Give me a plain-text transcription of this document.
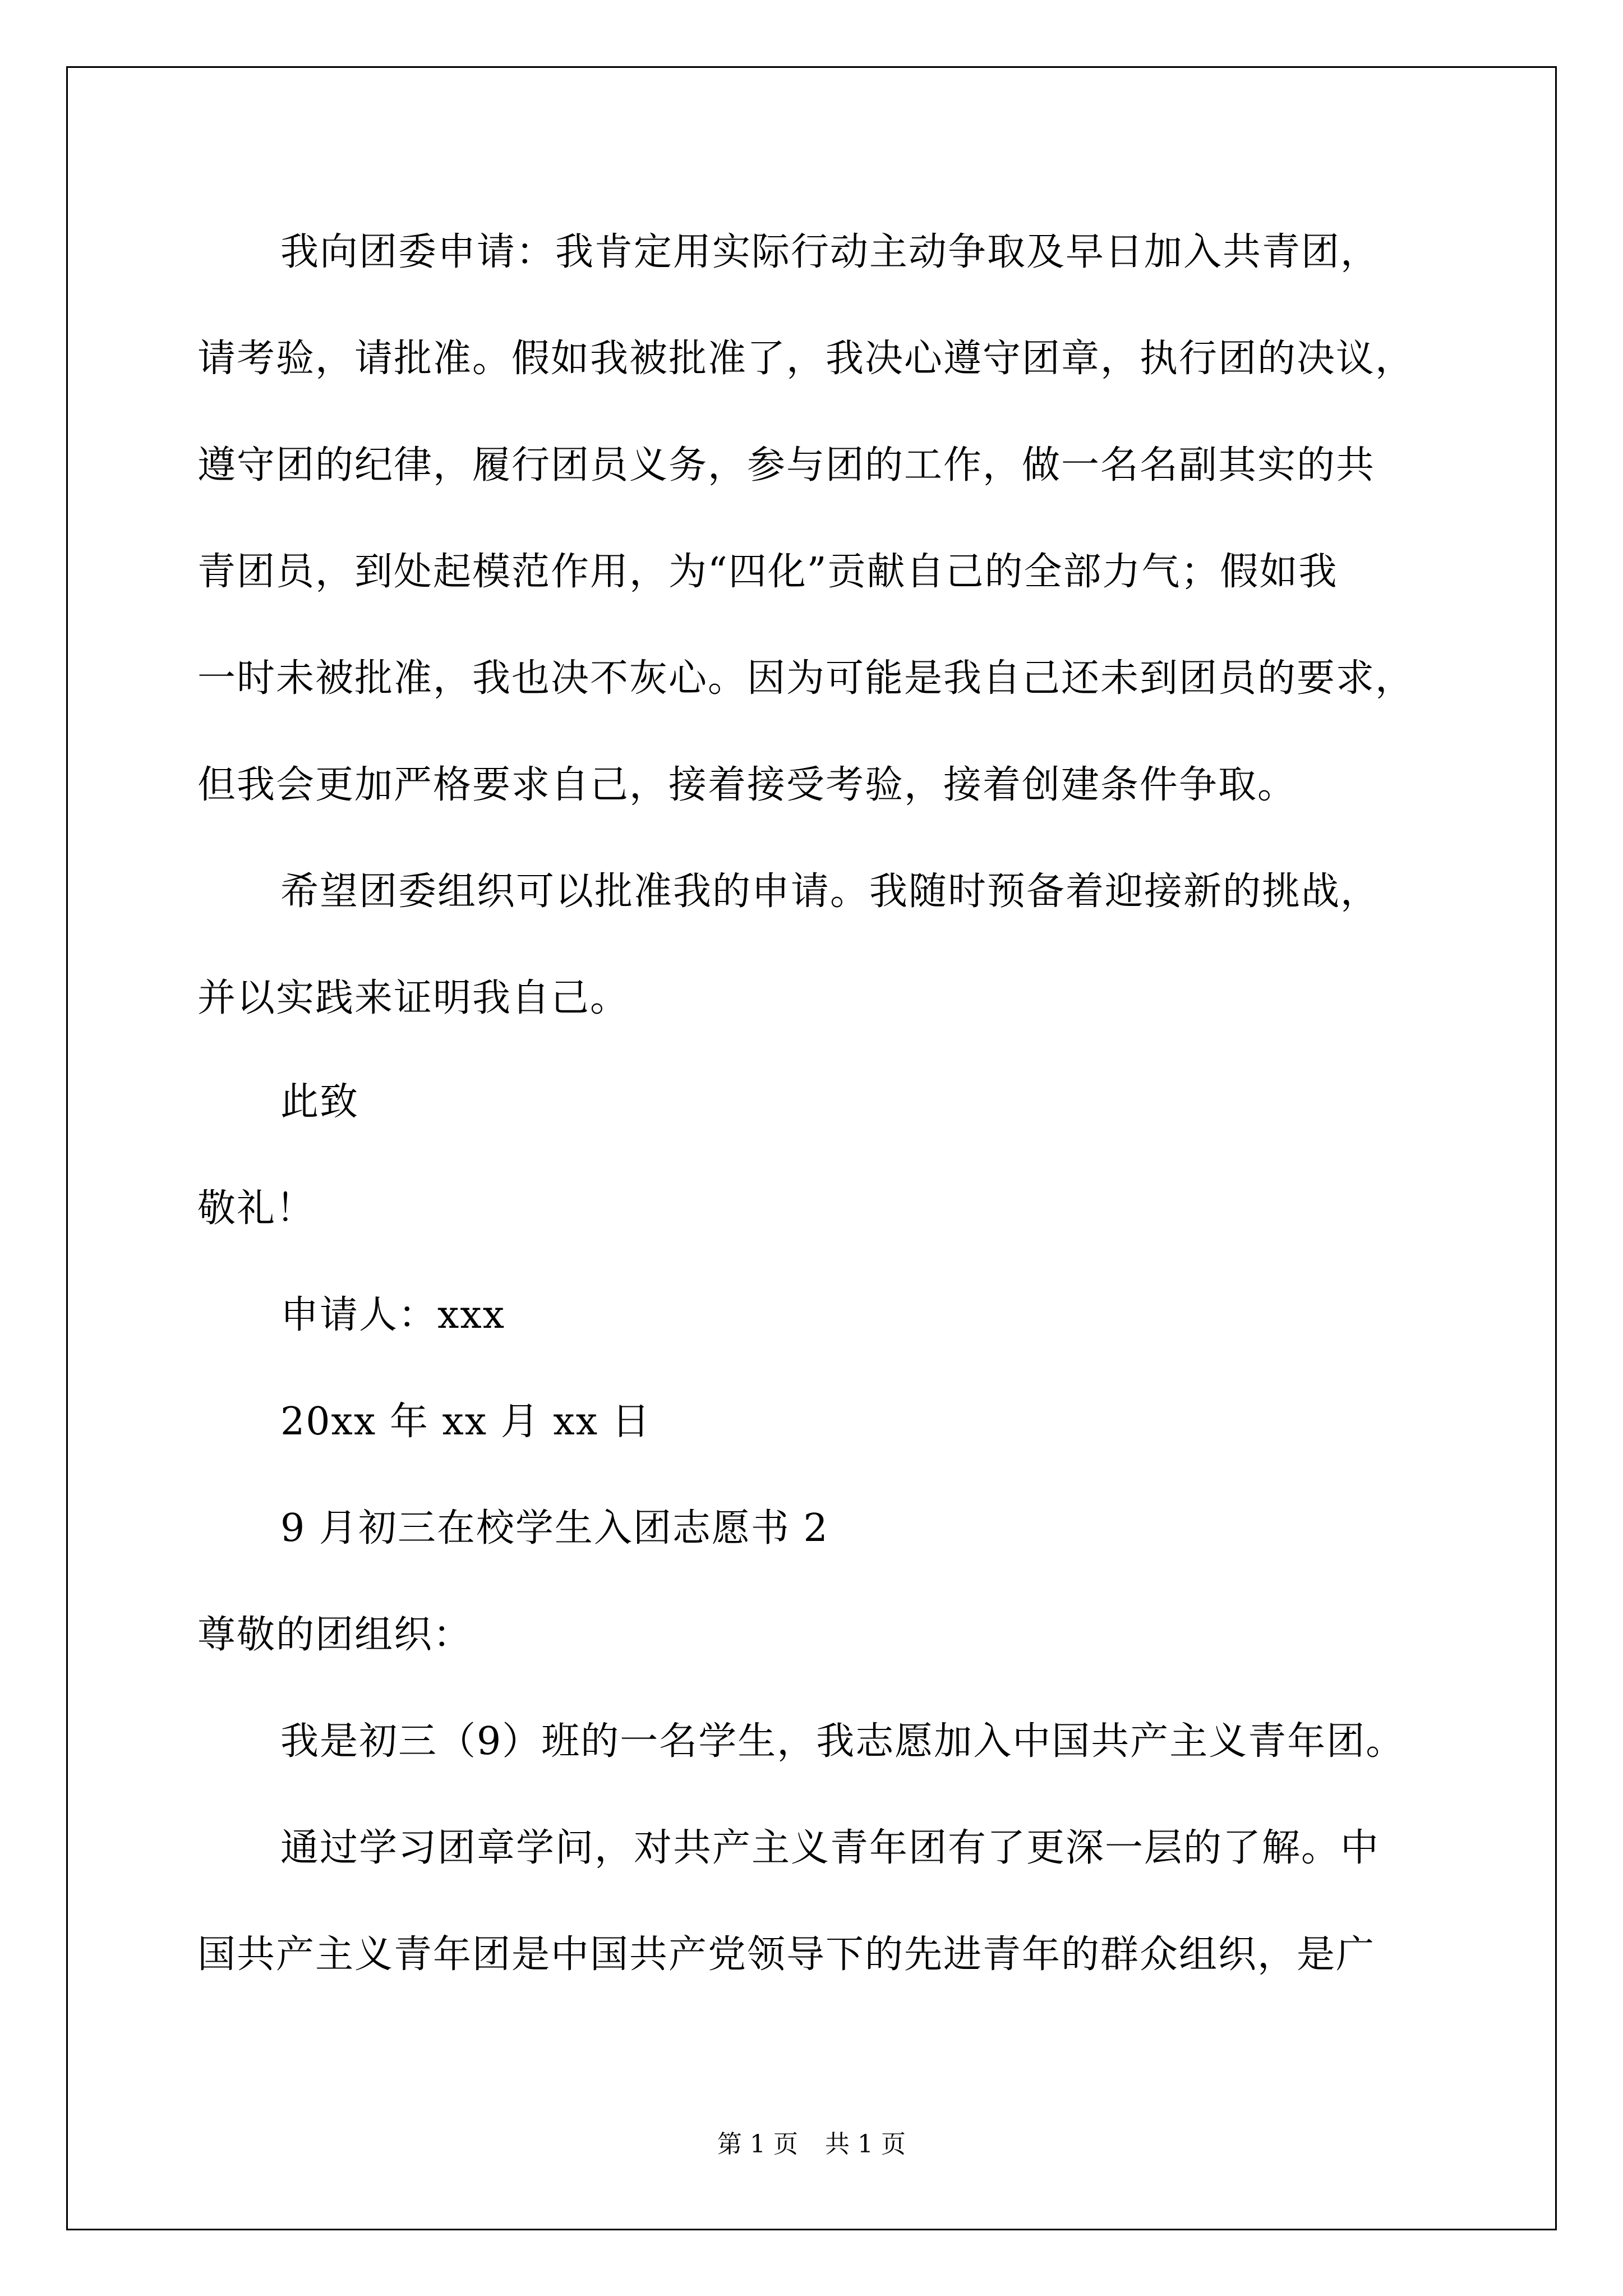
我向团委申请：我肯定用实际行动主动争取及早日加入共青团，
请考验，请批准。假如我被批准了，我决心遵守团章，执行团的决议，
遵守团的纪律，履行团员义务，参与团的工作，做一名名副其实的共
青团员，到处起模范作用，为“四化”贡献自己的全部力气；假如我
一时未被批准，我也决不灰心。因为可能是我自己还未到团员的要求，
但我会更加严格要求自己，接着接受考验，接着创建条件争取。
希望团委组织可以批准我的申请。我随时预备着迎接新的挑战，
并以实践来证明我自己。
此致
敬礼！
申请人：xxx
20xx 年 xx 月 xx 日
9 月初三在校学生入团志愿书 2
尊敬的团组织：
我是初三（9）班的一名学生，我志愿加入中国共产主义青年团。
通过学习团章学问，对共产主义青年团有了更深一层的了解。中
国共产主义青年团是中国共产党领导下的先进青年的群众组织，是广
第 1 页 共 1 页
